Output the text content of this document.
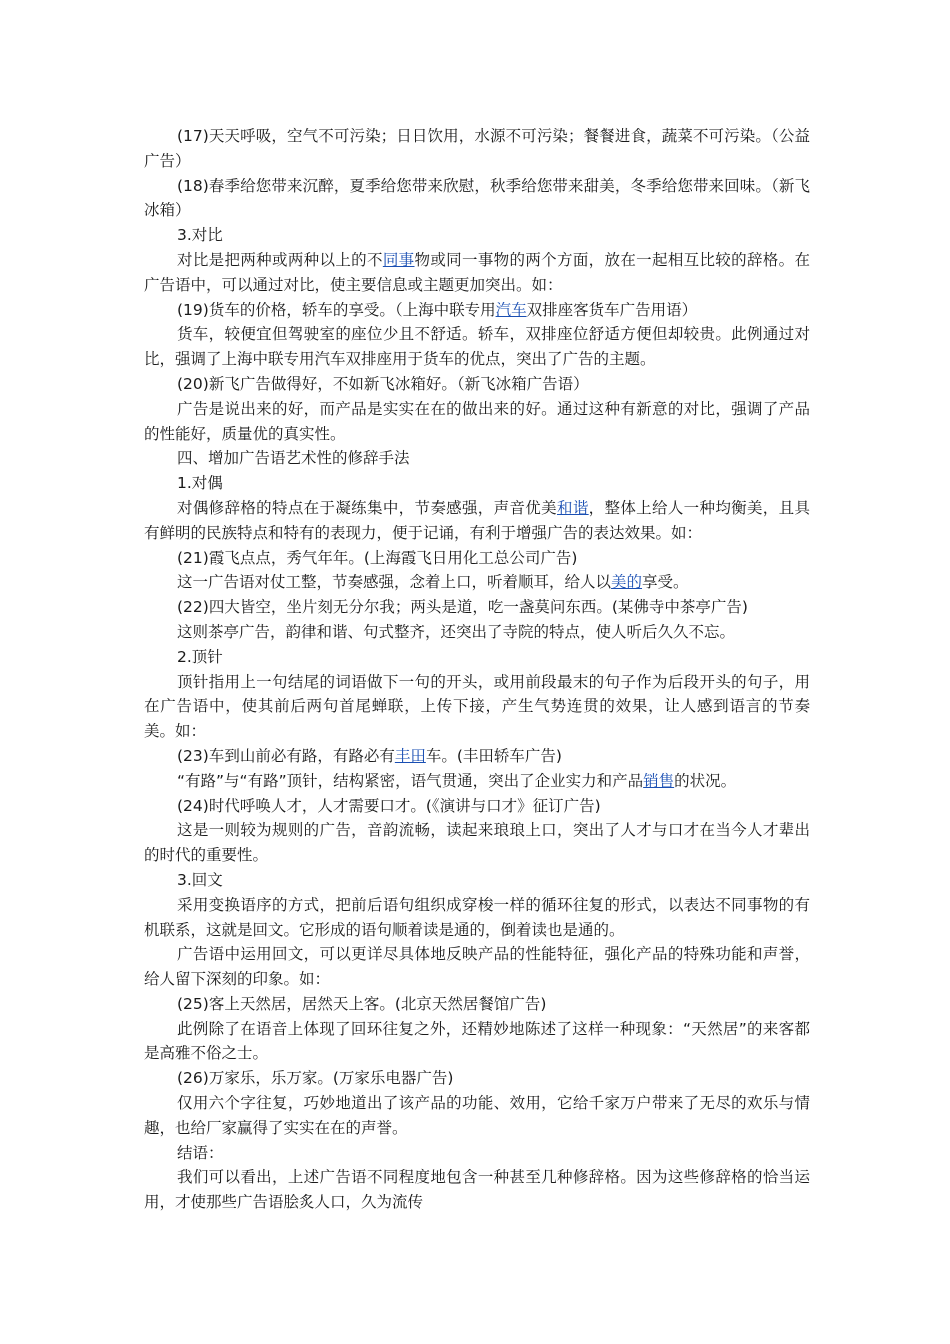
(17)天天呼吸，空气不可污染；日日饮用，水源不可污染；餐餐进食，蔬菜不可污染。（公益广告）

(18)春季给您带来沉醉，夏季给您带来欣慰，秋季给您带来甜美，冬季给您带来回味。（新飞冰箱）

3.对比

对比是把两种或两种以上的不同事物或同一事物的两个方面，放在一起相互比较的辞格。在广告语中，可以通过对比，使主要信息或主题更加突出。如：

(19)货车的价格，轿车的享受。（上海中联专用汽车双排座客货车广告用语）

货车，较便宜但驾驶室的座位少且不舒适。轿车，双排座位舒适方便但却较贵。此例通过对比，强调了上海中联专用汽车双排座用于货车的优点，突出了广告的主题。

(20)新飞广告做得好，不如新飞冰箱好。（新飞冰箱广告语）

广告是说出来的好，而产品是实实在在的做出来的好。通过这种有新意的对比，强调了产品的性能好，质量优的真实性。

四、增加广告语艺术性的修辞手法

1.对偶

对偶修辞格的特点在于凝练集中，节奏感强，声音优美和谐，整体上给人一种均衡美，且具有鲜明的民族特点和特有的表现力，便于记诵，有利于增强广告的表达效果。如：

(21)霞飞点点，秀气年年。(上海霞飞日用化工总公司广告)

这一广告语对仗工整，节奏感强，念着上口，听着顺耳，给人以美的享受。

(22)四大皆空，坐片刻无分尔我；两头是道，吃一盏莫问东西。(某佛寺中茶亭广告)

这则茶亭广告，韵律和谐、句式整齐，还突出了寺院的特点，使人听后久久不忘。

2.顶针

顶针指用上一句结尾的词语做下一句的开头，或用前段最末的句子作为后段开头的句子，用在广告语中，使其前后两句首尾蝉联，上传下接，产生气势连贯的效果，让人感到语言的节奏美。如：

(23)车到山前必有路，有路必有丰田车。(丰田轿车广告)

“有路”与“有路”顶针，结构紧密，语气贯通，突出了企业实力和产品销售的状况。

(24)时代呼唤人才，人才需要口才。(《演讲与口才》征订广告)

这是一则较为规则的广告，音韵流畅，读起来琅琅上口，突出了人才与口才在当今人才辈出的时代的重要性。

3.回文

采用变换语序的方式，把前后语句组织成穿梭一样的循环往复的形式，以表达不同事物的有机联系，这就是回文。它形成的语句顺着读是通的，倒着读也是通的。

广告语中运用回文，可以更详尽具体地反映产品的性能特征，强化产品的特殊功能和声誉，给人留下深刻的印象。如：

(25)客上天然居，居然天上客。(北京天然居餐馆广告)

此例除了在语音上体现了回环往复之外，还精妙地陈述了这样一种现象：“天然居”的来客都是高雅不俗之士。

(26)万家乐，乐万家。(万家乐电器广告)

仅用六个字往复，巧妙地道出了该产品的功能、效用，它给千家万户带来了无尽的欢乐与情趣，也给厂家赢得了实实在在的声誉。

结语：

我们可以看出，上述广告语不同程度地包含一种甚至几种修辞格。因为这些修辞格的恰当运用，才使那些广告语脍炙人口，久为流传
